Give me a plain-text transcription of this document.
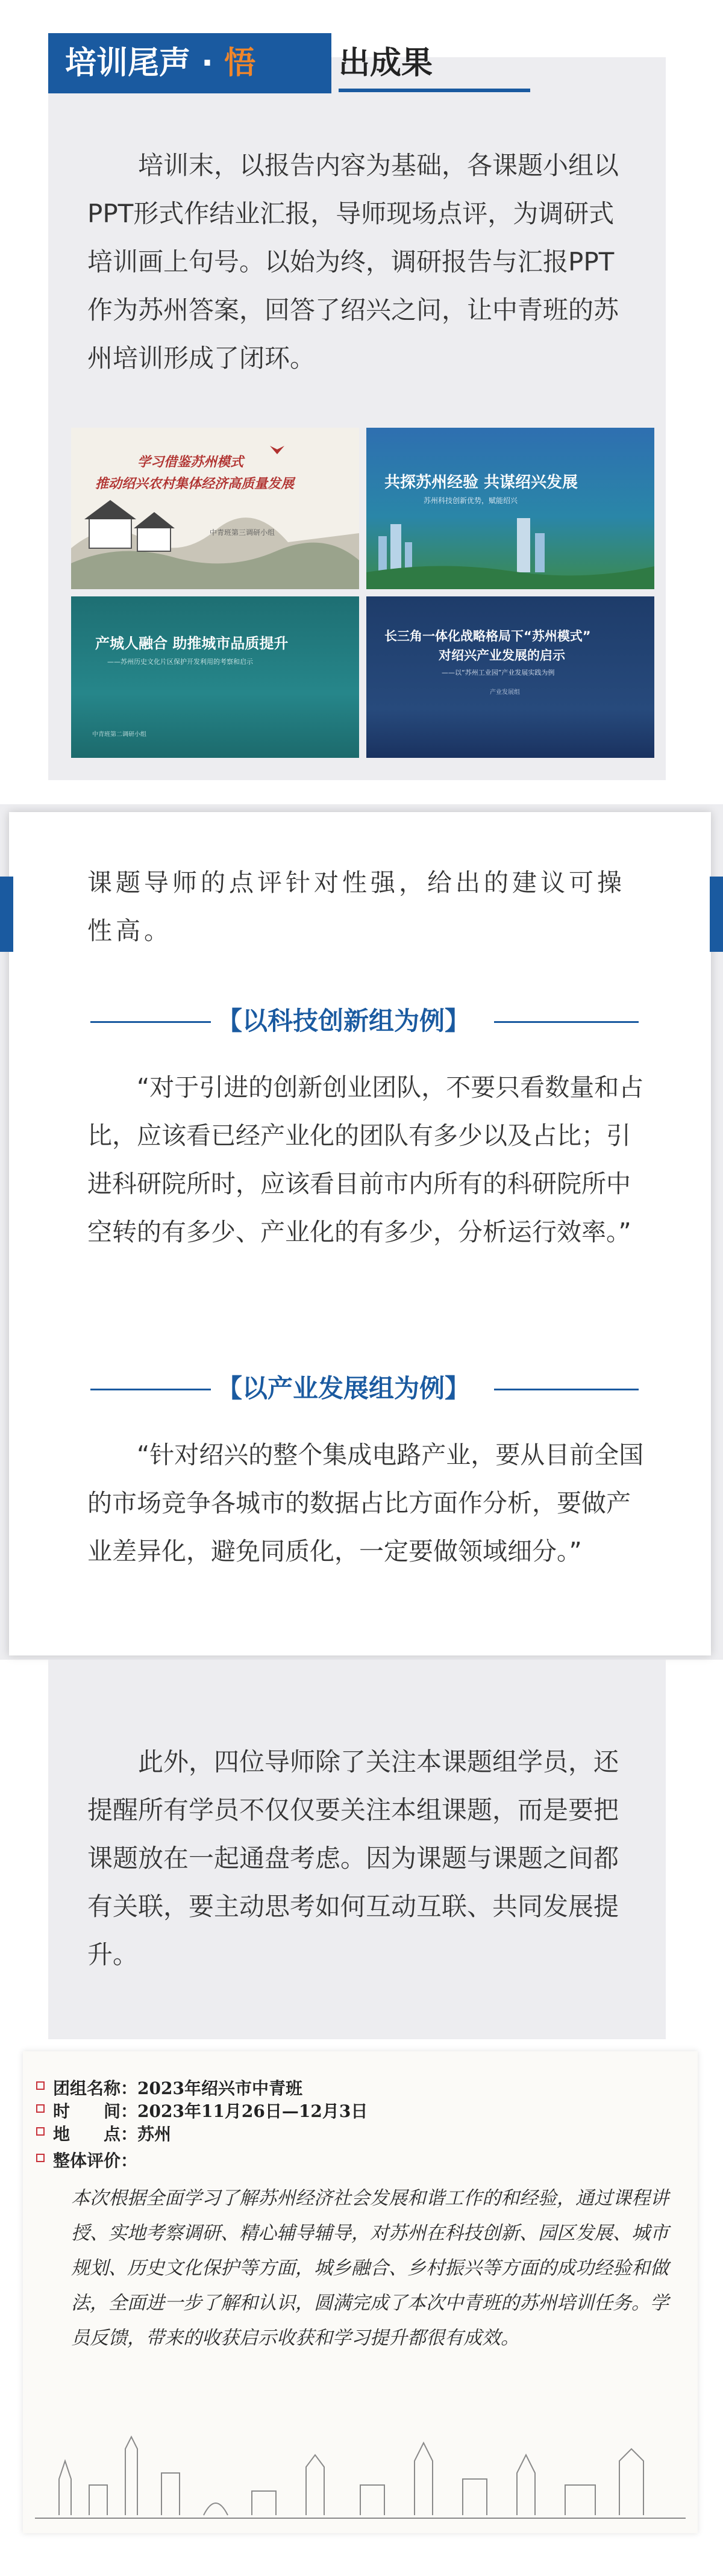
培训尾声 · 悟	出成果

培训末，以报告内容为基础，各课题小组以PPT形式作结业汇报，导师现场点评，为调研式培训画上句号。以始为终，调研报告与汇报PPT作为苏州答案，回答了绍兴之问，让中青班的苏州培训形成了闭环。

学习借鉴苏州模式
推动绍兴农村集体经济高质量发展
中青班第三调研小组
共探苏州经验 共谋绍兴发展
苏州科技创新优势，赋能绍兴
产城人融合 助推城市品质提升
——苏州历史文化片区保护开发利用的考察和启示
中青班第二调研小组
长三角一体化战略格局下“苏州模式”
对绍兴产业发展的启示
——以“苏州工业园”产业发展实践为例
产业发展组

课题导师的点评针对性强，给出的建议可操性高。

【以科技创新组为例】

“对于引进的创新创业团队，不要只看数量和占比，应该看已经产业化的团队有多少以及占比；引进科研院所时，应该看目前市内所有的科研院所中空转的有多少、产业化的有多少，分析运行效率。”

【以产业发展组为例】

“针对绍兴的整个集成电路产业，要从目前全国的市场竞争各城市的数据占比方面作分析，要做产业差异化，避免同质化，一定要做领域细分。”

此外，四位导师除了关注本课题组学员，还提醒所有学员不仅仅要关注本组课题，而是要把课题放在一起通盘考虑。因为课题与课题之间都有关联，要主动思考如何互动互联、共同发展提升。

团组名称：2023年绍兴市中青班
时　　间：2023年11月26日—12月3日
地　　点：苏州
整体评价：

本次根据全面学习了解苏州经济社会发展和谐工作的和经验，通过课程讲授、实地考察调研、精心辅导辅导，对苏州在科技创新、园区发展、城市规划、历史文化保护等方面，城乡融合、乡村振兴等方面的成功经验和做法，全面进一步了解和认识，圆满完成了本次中青班的苏州培训任务。学员反馈，带来的收获启示收获和学习提升都很有成效。
